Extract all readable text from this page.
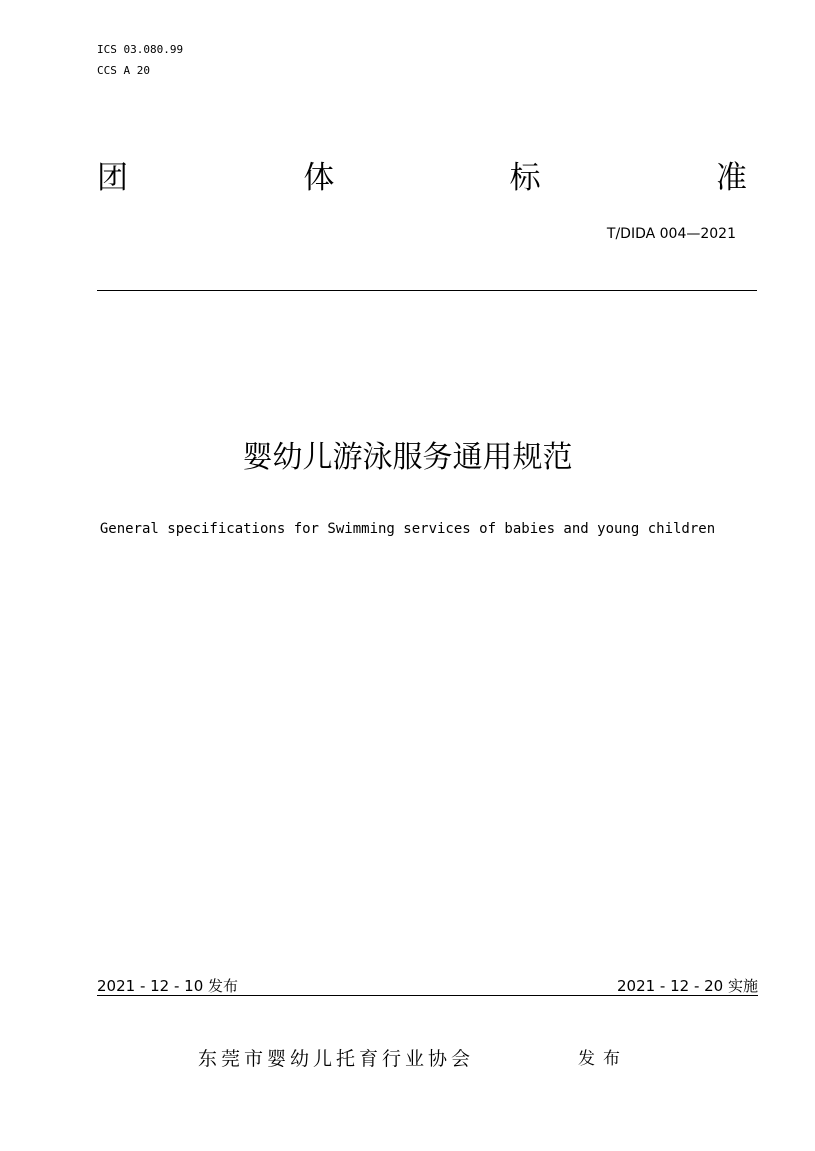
ICS 03.080.99
CCS A 20
团	体	标	准
T/DIDA 004—2021
婴幼儿游泳服务通用规范
General specifications for Swimming services of babies and young children
2021 - 12 - 10 发布	2021 - 12 - 20 实施
东莞市婴幼儿托育行业协会	发布
